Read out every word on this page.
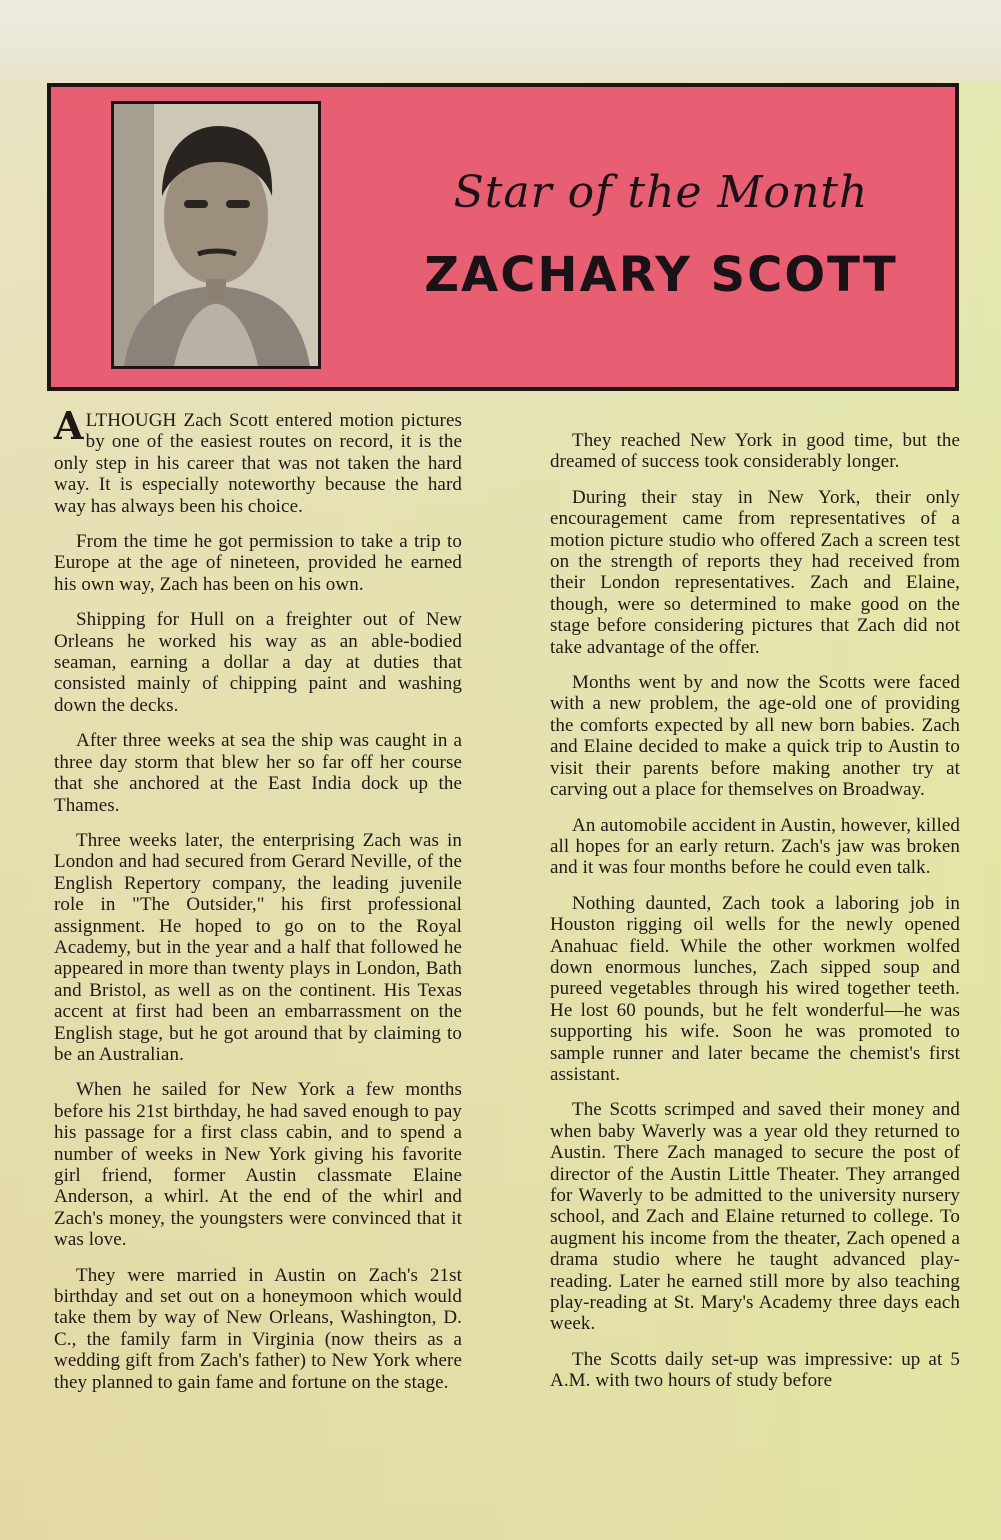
Star of the Month
ZACHARY SCOTT

ALTHOUGH Zach Scott entered motion pictures by one of the easiest routes on record, it is the only step in his career that was not taken the hard way. It is especially noteworthy because the hard way has always been his choice.

From the time he got permission to take a trip to Europe at the age of nineteen, provided he earned his own way, Zach has been on his own.

Shipping for Hull on a freighter out of New Orleans he worked his way as an able-bodied seaman, earning a dollar a day at duties that consisted mainly of chipping paint and washing down the decks.

After three weeks at sea the ship was caught in a three day storm that blew her so far off her course that she anchored at the East India dock up the Thames.

Three weeks later, the enterprising Zach was in London and had secured from Gerard Neville, of the English Repertory company, the leading juvenile role in "The Outsider," his first professional assignment. He hoped to go on to the Royal Academy, but in the year and a half that followed he appeared in more than twenty plays in London, Bath and Bristol, as well as on the continent. His Texas accent at first had been an embarrassment on the English stage, but he got around that by claiming to be an Australian.

When he sailed for New York a few months before his 21st birthday, he had saved enough to pay his passage for a first class cabin, and to spend a number of weeks in New York giving his favorite girl friend, former Austin classmate Elaine Anderson, a whirl. At the end of the whirl and Zach's money, the youngsters were convinced that it was love.

They were married in Austin on Zach's 21st birthday and set out on a honeymoon which would take them by way of New Orleans, Washington, D. C., the family farm in Virginia (now theirs as a wedding gift from Zach's father) to New York where they planned to gain fame and fortune on the stage.

They reached New York in good time, but the dreamed of success took considerably longer.

During their stay in New York, their only encouragement came from representatives of a motion picture studio who offered Zach a screen test on the strength of reports they had received from their London representatives. Zach and Elaine, though, were so determined to make good on the stage before considering pictures that Zach did not take advantage of the offer.

Months went by and now the Scotts were faced with a new problem, the age-old one of providing the comforts expected by all new born babies. Zach and Elaine decided to make a quick trip to Austin to visit their parents before making another try at carving out a place for themselves on Broadway.

An automobile accident in Austin, however, killed all hopes for an early return. Zach's jaw was broken and it was four months before he could even talk.

Nothing daunted, Zach took a laboring job in Houston rigging oil wells for the newly opened Anahuac field. While the other workmen wolfed down enormous lunches, Zach sipped soup and pureed vegetables through his wired together teeth. He lost 60 pounds, but he felt wonderful—he was supporting his wife. Soon he was promoted to sample runner and later became the chemist's first assistant.

The Scotts scrimped and saved their money and when baby Waverly was a year old they returned to Austin. There Zach managed to secure the post of director of the Austin Little Theater. They arranged for Waverly to be admitted to the university nursery school, and Zach and Elaine returned to college. To augment his income from the theater, Zach opened a drama studio where he taught advanced play-reading. Later he earned still more by also teaching play-reading at St. Mary's Academy three days each week.

The Scotts daily set-up was impressive: up at 5 A.M. with two hours of study before
